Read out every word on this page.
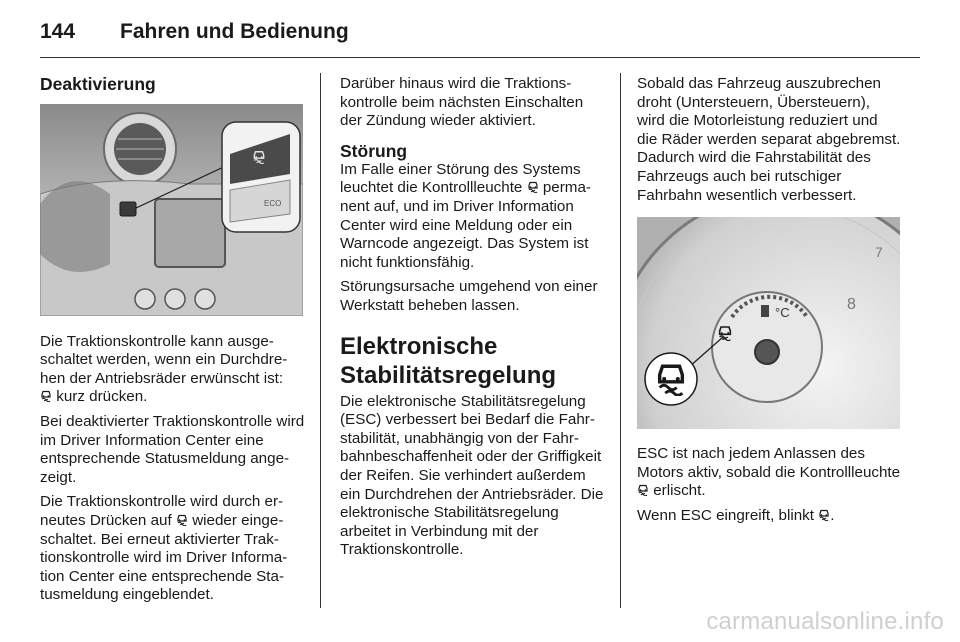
144 Fahren und Bedienung
Deaktivierung
ECO

Die Traktionskontrolle kann ausgeschaltet werden, wenn ein Durchdrehen der Antriebsräder erwünscht ist:
kurz drücken.

Bei deaktivierter Traktionskontrolle wird im Driver Information Center eine entsprechende Statusmeldung angezeigt.

Die Traktionskontrolle wird durch erneutes Drücken auf wieder eingeschaltet. Bei erneut aktivierter Traktionskontrolle wird im Driver Information Center eine entsprechende Statusmeldung eingeblendet.

Darüber hinaus wird die Traktionskontrolle beim nächsten Einschalten der Zündung wieder aktiviert.

Störung

Im Falle einer Störung des Systems leuchtet die Kontrollleuchte permanent auf, und im Driver Information Center wird eine Meldung oder ein Warncode angezeigt. Das System ist nicht funktionsfähig.

Störungsursache umgehend von einer Werkstatt beheben lassen.

Elektronische Stabilitätsregelung

Die elektronische Stabilitätsregelung (ESC) verbessert bei Bedarf die Fahrstabilität, unabhängig von der Fahrbahnbeschaffenheit oder der Griffigkeit der Reifen. Sie verhindert außerdem ein Durchdrehen der Antriebsräder. Die elektronische Stabilitätsregelung arbeitet in Verbindung mit der Traktionskontrolle.

Sobald das Fahrzeug auszubrechen droht (Untersteuern, Übersteuern), wird die Motorleistung reduziert und die Räder werden separat abgebremst. Dadurch wird die Fahrstabilität des Fahrzeugs auch bei rutschiger Fahrbahn wesentlich verbessert.

7
8
°C

ESC ist nach jedem Anlassen des Motors aktiv, sobald die Kontrollleuchte  erlischt.

Wenn ESC eingreift, blinkt .

carmanualsonline.info
